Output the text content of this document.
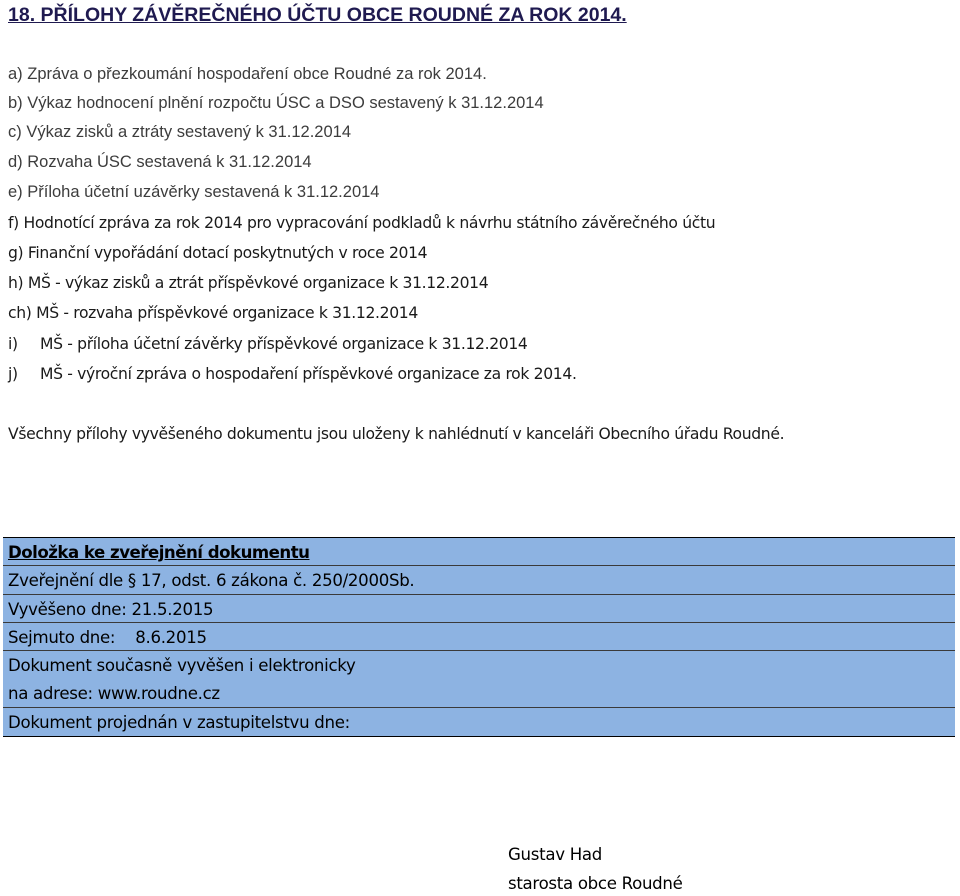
18. PŘÍLOHY ZÁVĚREČNÉHO ÚČTU OBCE ROUDNÉ ZA ROK 2014.
a) Zpráva o přezkoumání hospodaření obce Roudné za rok 2014.
b) Výkaz hodnocení plnění rozpočtu ÚSC a DSO sestavený k 31.12.2014
c) Výkaz zisků a ztráty sestavený k 31.12.2014
d) Rozvaha ÚSC sestavená k 31.12.2014
e) Příloha účetní uzávěrky sestavená k 31.12.2014
f) Hodnotící zpráva za rok 2014 pro vypracování podkladů k návrhu státního závěrečného účtu
g) Finanční vypořádání dotací poskytnutých v roce 2014
h) MŠ - výkaz zisků a ztrát příspěvkové organizace k 31.12.2014
ch) MŠ - rozvaha příspěvkové organizace k 31.12.2014
i) MŠ - příloha účetní závěrky příspěvkové organizace k 31.12.2014
j) MŠ - výroční zpráva o hospodaření příspěvkové organizace za rok 2014.
Všechny přílohy vyvěšeného dokumentu jsou uloženy k nahlédnutí v kanceláři Obecního úřadu Roudné.
Doložka ke zveřejnění dokumentu
Zveřejnění dle § 17, odst. 6 zákona č. 250/2000Sb.
Vyvěšeno dne: 21.5.2015
Sejmuto dne: 8.6.2015
Dokument současně vyvěšen i elektronicky
na adrese: www.roudne.cz
Dokument projednán v zastupitelstvu dne:
Gustav Had
starosta obce Roudné
